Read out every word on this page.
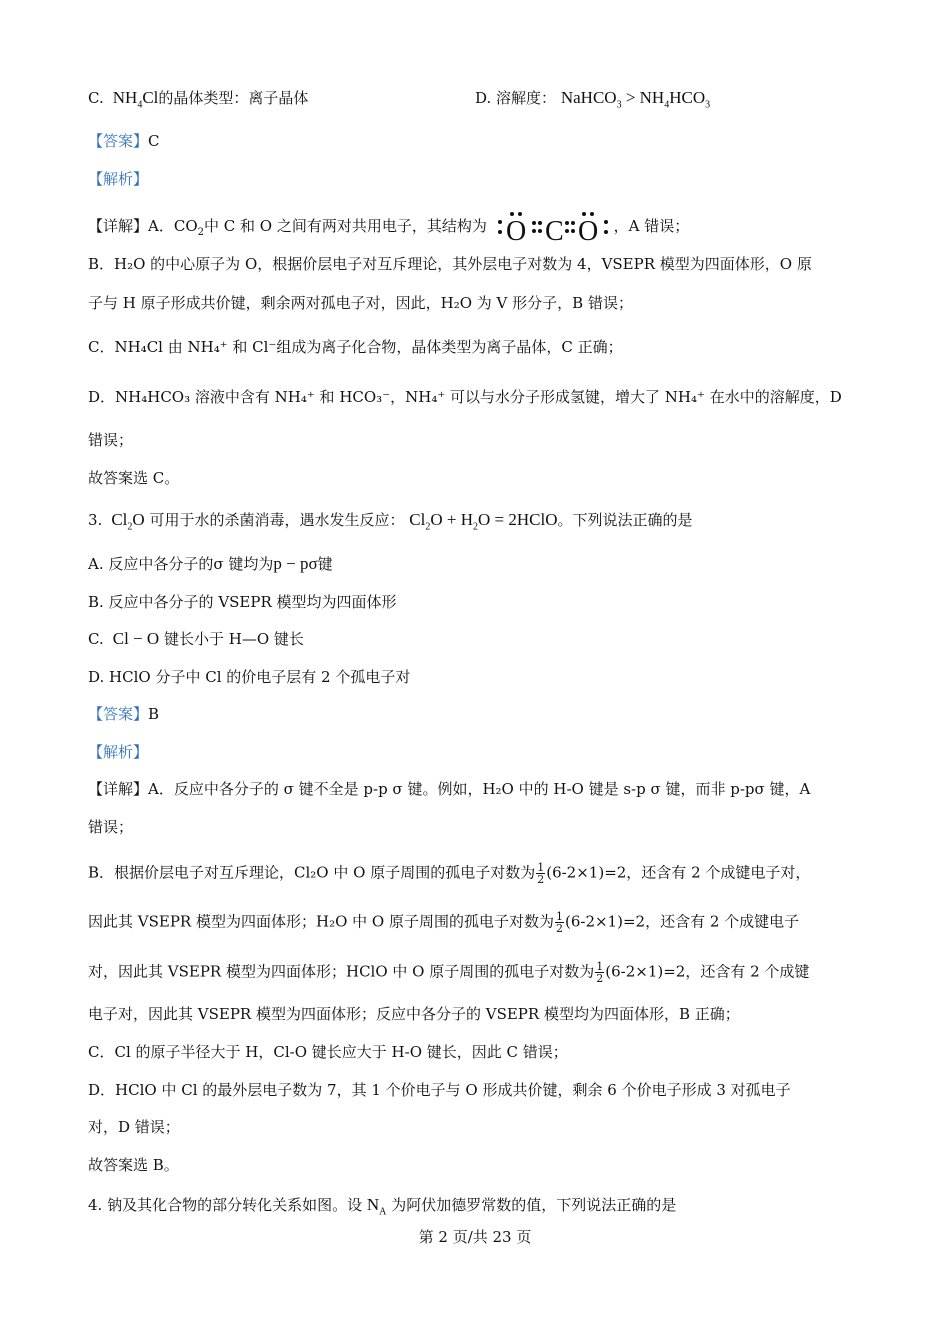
C.  $NH_4Cl$的晶体类型：离子晶体	D. 溶解度： NaHCO$_3$ > $NH_4HCO_3$
【答案】C
【解析】
【详解】A．$CO_2$中 C 和 O 之间有两对共用电子，其结构为 O C O ，A 错误；
B．H₂O 的中心原子为 O，根据价层电子对互斥理论，其外层电子对数为 4，VSEPR 模型为四面体形，O 原
子与 H 原子形成共价键，剩余两对孤电子对，因此，H₂O 为 V 形分子，B 错误；
C．NH₄Cl 由 NH₄⁺ 和 Cl⁻组成为离子化合物，晶体类型为离子晶体，C 正确；
D．NH₄HCO₃ 溶液中含有 NH₄⁺ 和 HCO₃⁻，NH₄⁺ 可以与水分子形成氢键，增大了 NH₄⁺ 在水中的溶解度，D
错误；
故答案选 C。
3.  $Cl_2O$ 可用于水的杀菌消毒，遇水发生反应： $Cl_2O + H_2O$ = 2HClO。下列说法正确的是
A. 反应中各分子的σ 键均为p − pσ键
B. 反应中各分子的 VSEPR 模型均为四面体形
C.  Cl − O 键长小于 H—O 键长
D. HClO 分子中 Cl 的价电子层有 2 个孤电子对
【答案】B
【解析】
【详解】A．反应中各分子的 σ 键不全是 p-p σ 键。例如，H₂O 中的 H-O 键是 s-p σ 键，而非 p-pσ 键，A
错误；
B．根据价层电子对互斥理论，Cl₂O 中 O 原子周围的孤电子对数为 $\frac{1}{2} (6-2\times 1)=2$，还含有 2 个成键电子对，
因此其 VSEPR 模型为四面体形；H₂O 中 O 原子周围的孤电子对数为 $\frac{1}{2} (6-2\times 1)=2$，还含有 2 个成键电子
对，因此其 VSEPR 模型为四面体形；HClO 中 O 原子周围的孤电子对数为 $\frac{1}{2} (6-2\times 1)=2$，还含有 2 个成键
电子对，因此其 VSEPR 模型为四面体形；反应中各分子的 VSEPR 模型均为四面体形，B 正确；
C．Cl 的原子半径大于 H，Cl-O 键长应大于 H-O 键长，因此 C 错误；
D．HClO 中 Cl 的最外层电子数为 7，其 1 个价电子与 O 形成共价键，剩余 6 个价电子形成 3 对孤电子
对，D 错误；
故答案选 B。
4. 钠及其化合物的部分转化关系如图。设 $N_A$ 为阿伏加德罗常数的值，下列说法正确的是
第 2 页/共 23 页
